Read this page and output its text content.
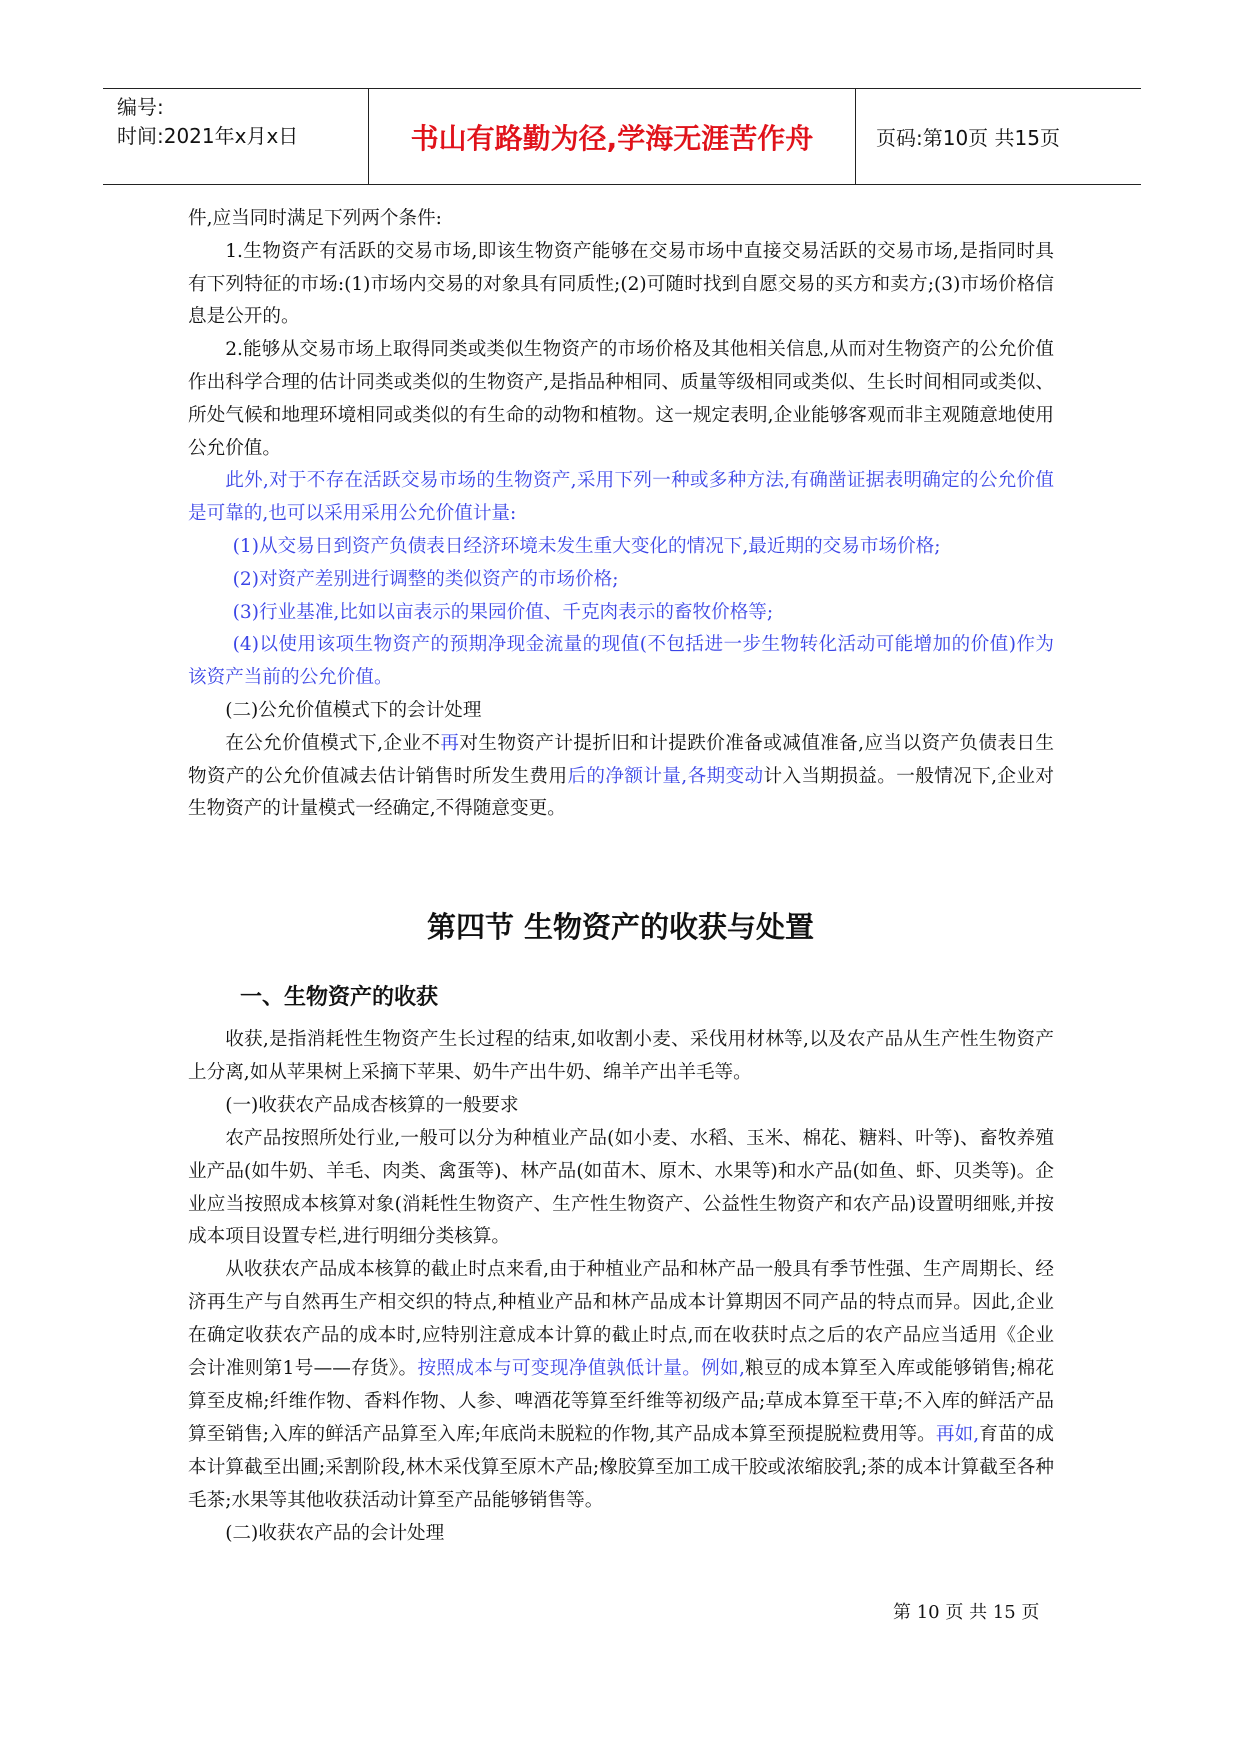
编号:
时间:2021年x月x日	书山有路勤为径,学海无涯苦作舟	页码:第10页 共15页

件,应当同时满足下列两个条件:

1.生物资产有活跃的交易市场,即该生物资产能够在交易市场中直接交易活跃的交易市场,是指同时具有下列特征的市场:(1)市场内交易的对象具有同质性;(2)可随时找到自愿交易的买方和卖方;(3)市场价格信息是公开的。

2.能够从交易市场上取得同类或类似生物资产的市场价格及其他相关信息,从而对生物资产的公允价值作出科学合理的估计同类或类似的生物资产,是指品种相同、质量等级相同或类似、生长时间相同或类似、所处气候和地理环境相同或类似的有生命的动物和植物。这一规定表明,企业能够客观而非主观随意地使用公允价值。

此外,对于不存在活跃交易市场的生物资产,采用下列一种或多种方法,有确凿证据表明确定的公允价值是可靠的,也可以采用采用公允价值计量:

(1)从交易日到资产负债表日经济环境未发生重大变化的情况下,最近期的交易市场价格;

(2)对资产差别进行调整的类似资产的市场价格;

(3)行业基准,比如以亩表示的果园价值、千克肉表示的畜牧价格等;

(4)以使用该项生物资产的预期净现金流量的现值(不包括进一步生物转化活动可能增加的价值)作为该资产当前的公允价值。

(二)公允价值模式下的会计处理

在公允价值模式下,企业不再对生物资产计提折旧和计提跌价准备或减值准备,应当以资产负债表日生物资产的公允价值减去估计销售时所发生费用后的净额计量,各期变动计入当期损益。一般情况下,企业对生物资产的计量模式一经确定,不得随意变更。

第四节 生物资产的收获与处置
一、生物资产的收获

收获,是指消耗性生物资产生长过程的结束,如收割小麦、采伐用材林等,以及农产品从生产性生物资产上分离,如从苹果树上采摘下苹果、奶牛产出牛奶、绵羊产出羊毛等。

(一)收获农产品成杏核算的一般要求

农产品按照所处行业,一般可以分为种植业产品(如小麦、水稻、玉米、棉花、糖料、叶等)、畜牧养殖业产品(如牛奶、羊毛、肉类、禽蛋等)、林产品(如苗木、原木、水果等)和水产品(如鱼、虾、贝类等)。企业应当按照成本核算对象(消耗性生物资产、生产性生物资产、公益性生物资产和农产品)设置明细账,并按成本项目设置专栏,进行明细分类核算。

从收获农产品成本核算的截止时点来看,由于种植业产品和林产品一般具有季节性强、生产周期长、经济再生产与自然再生产相交织的特点,种植业产品和林产品成本计算期因不同产品的特点而异。因此,企业在确定收获农产品的成本时,应特别注意成本计算的截止时点,而在收获时点之后的农产品应当适用《企业会计准则第1号——存货》。按照成本与可变现净值孰低计量。例如,粮豆的成本算至入库或能够销售;棉花算至皮棉;纤维作物、香料作物、人参、啤酒花等算至纤维等初级产品;草成本算至干草;不入库的鲜活产品算至销售;入库的鲜活产品算至入库;年底尚未脱粒的作物,其产品成本算至预提脱粒费用等。再如,育苗的成本计算截至出圃;采割阶段,林木采伐算至原木产品;橡胶算至加工成干胶或浓缩胶乳;茶的成本计算截至各种毛茶;水果等其他收获活动计算至产品能够销售等。

(二)收获农产品的会计处理

第 10 页 共 15 页
